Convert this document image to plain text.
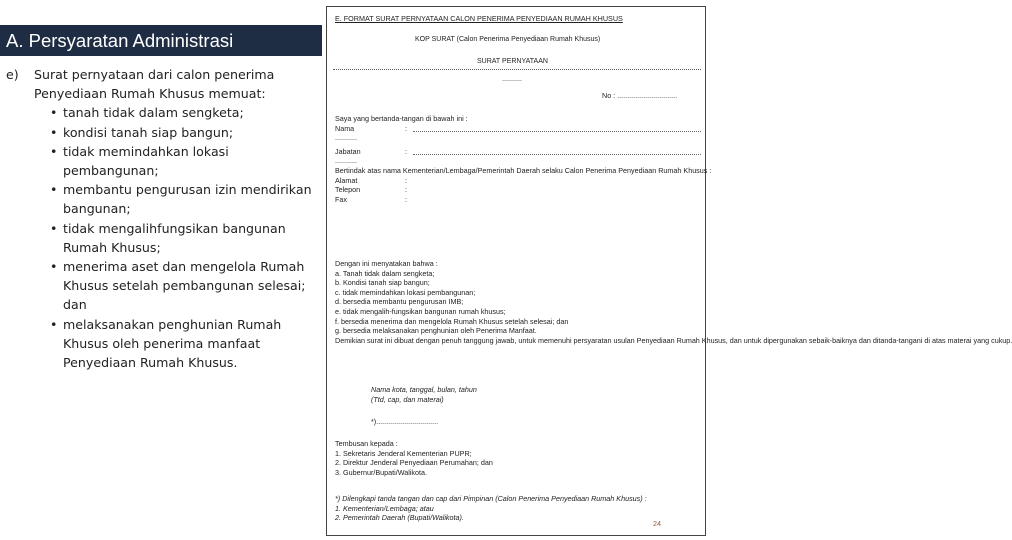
A. Persyaratan Administrasi
e)	Surat pernyataan dari calon penerima Penyediaan Rumah Khusus memuat:
• tanah tidak dalam sengketa;
• kondisi tanah siap bangun;
• tidak memindahkan lokasi pembangunan;
• membantu pengurusan izin mendirikan bangunan;
• tidak mengalihfungsikan bangunan Rumah Khusus;
• menerima aset dan mengelola Rumah Khusus setelah pembangunan selesai; dan
• melaksanakan penghunian Rumah Khusus oleh penerima manfaat Penyediaan Rumah Khusus.
E. FORMAT SURAT PERNYATAAN CALON PENERIMA PENYEDIAAN RUMAH KHUSUS
KOP SURAT (Calon Penerima Penyediaan Rumah Khusus)
SURAT PERNYATAAN
..........
No : ..............................
Saya yang bertanda-tangan di bawah ini :
Nama	:
...........
Jabatan	:
...........
Bertindak atas nama Kementerian/Lembaga/Pemerintah Daerah selaku Calon Penerima Penyediaan Rumah Khusus :
Alamat	:
Telepon	:
Fax	:
Dengan ini menyatakan bahwa :
a. Tanah tidak dalam sengketa;
b. Kondisi tanah siap bangun;
c. tidak memindahkan lokasi pembangunan;
d. bersedia membantu pengurusan IMB;
e. tidak mengalih-fungsikan bangunan rumah khusus;
f. bersedia menerima dan mengelola Rumah Khusus setelah selesai; dan
g. bersedia melaksanakan penghunian oleh Penerima Manfaat.
Demikian surat ini dibuat dengan penuh tanggung jawab, untuk memenuhi persyaratan usulan Penyediaan Rumah Khusus, dan untuk dipergunakan sebaik-baiknya dan ditanda-tangani di atas materai yang cukup.
Nama kota, tanggal, bulan, tahun
(Ttd, cap, dan materai)
*)...............................
Tembusan kepada :
1. Sekretaris Jenderal Kementerian PUPR;
2. Direktur Jenderal Penyediaan Perumahan; dan
3. Gubernur/Bupati/Walikota.
*) Dilengkapi tanda tangan dan cap dari Pimpinan (Calon Penerima Penyediaan Rumah Khusus) :
1. Kementerian/Lembaga; atau
2. Pemerintah Daerah (Bupati/Walikota).
24
